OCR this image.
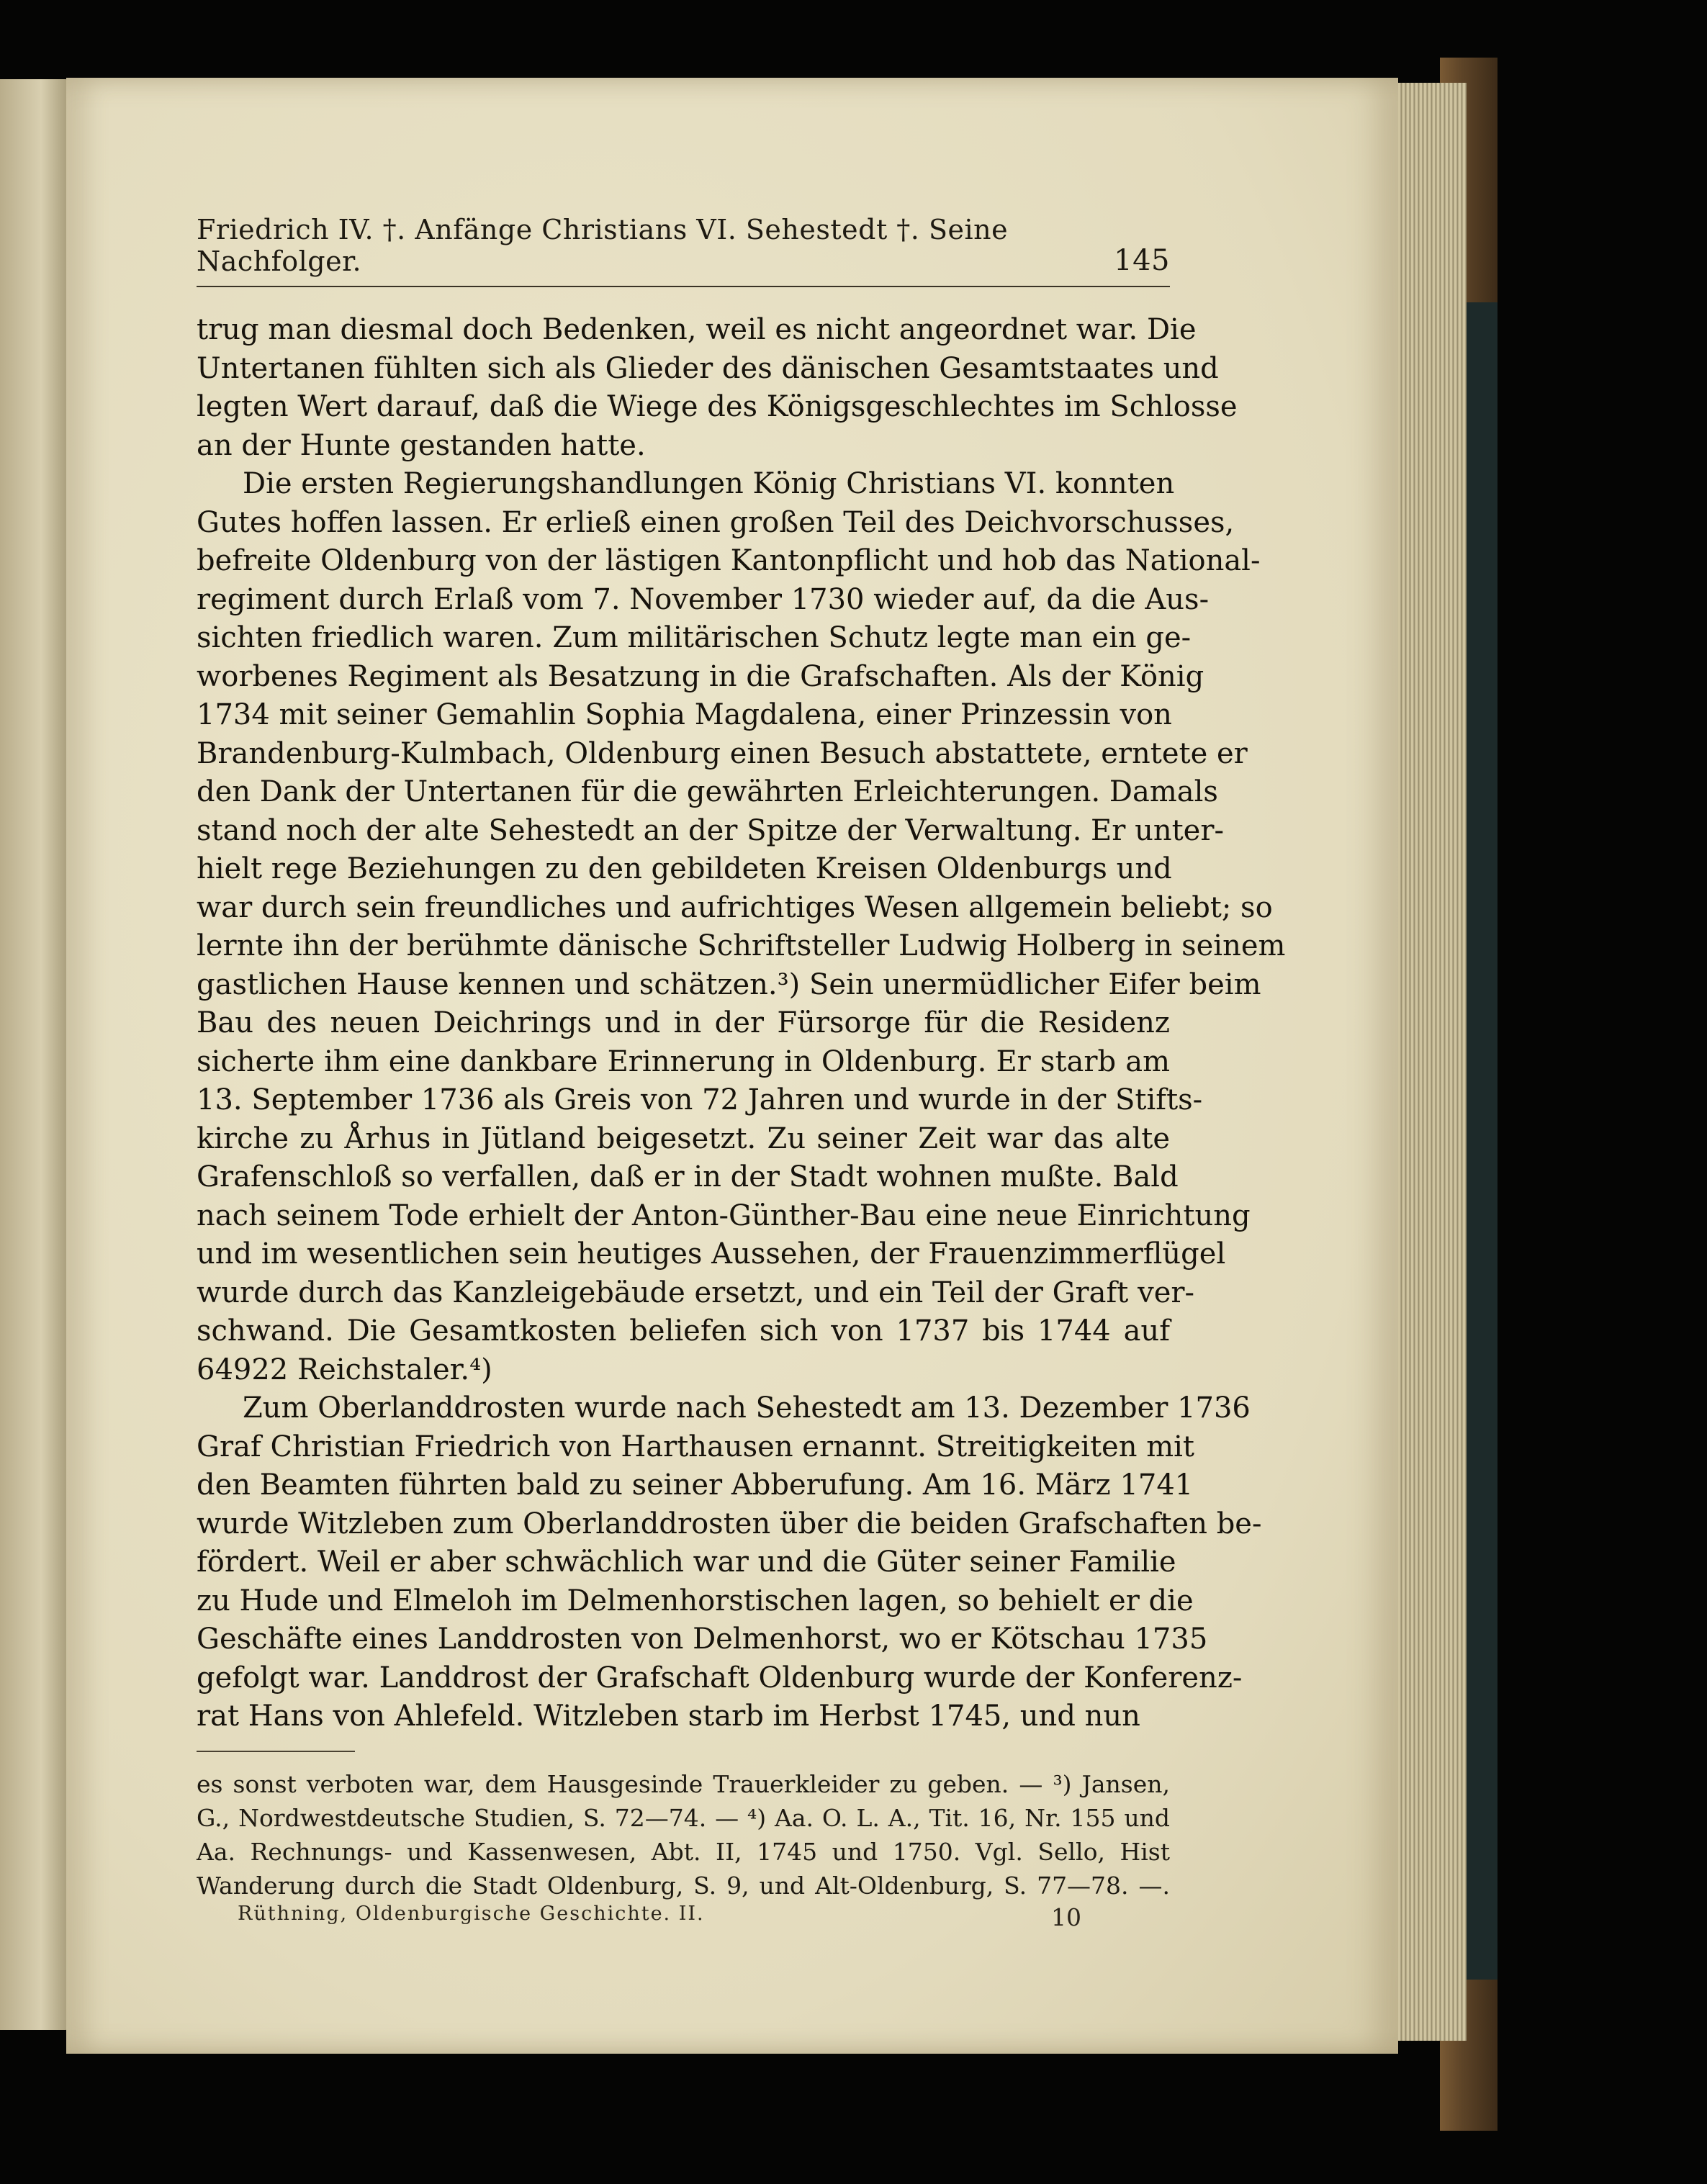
Friedrich IV. †. Anfänge Christians VI. Sehestedt †. Seine Nachfolger.	145
trug man diesmal doch Bedenken, weil es nicht angeordnet war. Die
Untertanen fühlten sich als Glieder des dänischen Gesamtstaates und
legten Wert darauf, daß die Wiege des Königsgeschlechtes im Schlosse
an der Hunte gestanden hatte.
Die ersten Regierungshandlungen König Christians VI. konnten
Gutes hoffen lassen. Er erließ einen großen Teil des Deichvorschusses,
befreite Oldenburg von der lästigen Kantonpflicht und hob das National-
regiment durch Erlaß vom 7. November 1730 wieder auf, da die Aus-
sichten friedlich waren. Zum militärischen Schutz legte man ein ge-
worbenes Regiment als Besatzung in die Grafschaften. Als der König
1734 mit seiner Gemahlin Sophia Magdalena, einer Prinzessin von
Brandenburg-Kulmbach, Oldenburg einen Besuch abstattete, erntete er
den Dank der Untertanen für die gewährten Erleichterungen. Damals
stand noch der alte Sehestedt an der Spitze der Verwaltung. Er unter-
hielt rege Beziehungen zu den gebildeten Kreisen Oldenburgs und
war durch sein freundliches und aufrichtiges Wesen allgemein beliebt; so
lernte ihn der berühmte dänische Schriftsteller Ludwig Holberg in seinem
gastlichen Hause kennen und schätzen.³) Sein unermüdlicher Eifer beim
Bau des neuen Deichrings und in der Fürsorge für die Residenz
sicherte ihm eine dankbare Erinnerung in Oldenburg. Er starb am
13. September 1736 als Greis von 72 Jahren und wurde in der Stifts-
kirche zu Århus in Jütland beigesetzt. Zu seiner Zeit war das alte
Grafenschloß so verfallen, daß er in der Stadt wohnen mußte. Bald
nach seinem Tode erhielt der Anton-Günther-Bau eine neue Einrichtung
und im wesentlichen sein heutiges Aussehen, der Frauenzimmerflügel
wurde durch das Kanzleigebäude ersetzt, und ein Teil der Graft ver-
schwand. Die Gesamtkosten beliefen sich von 1737 bis 1744 auf
64922 Reichstaler.⁴)
Zum Oberlanddrosten wurde nach Sehestedt am 13. Dezember 1736
Graf Christian Friedrich von Harthausen ernannt. Streitigkeiten mit
den Beamten führten bald zu seiner Abberufung. Am 16. März 1741
wurde Witzleben zum Oberlanddrosten über die beiden Grafschaften be-
fördert. Weil er aber schwächlich war und die Güter seiner Familie
zu Hude und Elmeloh im Delmenhorstischen lagen, so behielt er die
Geschäfte eines Landdrosten von Delmenhorst, wo er Kötschau 1735
gefolgt war. Landdrost der Grafschaft Oldenburg wurde der Konferenz-
rat Hans von Ahlefeld. Witzleben starb im Herbst 1745, und nun
es sonst verboten war, dem Hausgesinde Trauerkleider zu geben. — ³) Jansen,
G., Nordwestdeutsche Studien, S. 72—74. — ⁴) Aa. O. L. A., Tit. 16, Nr. 155 und
Aa. Rechnungs- und Kassenwesen, Abt. II, 1745 und 1750. Vgl. Sello, Hist
Wanderung durch die Stadt Oldenburg, S. 9, und Alt-Oldenburg, S. 77—78. —.
Rüthning, Oldenburgische Geschichte. II.	10
